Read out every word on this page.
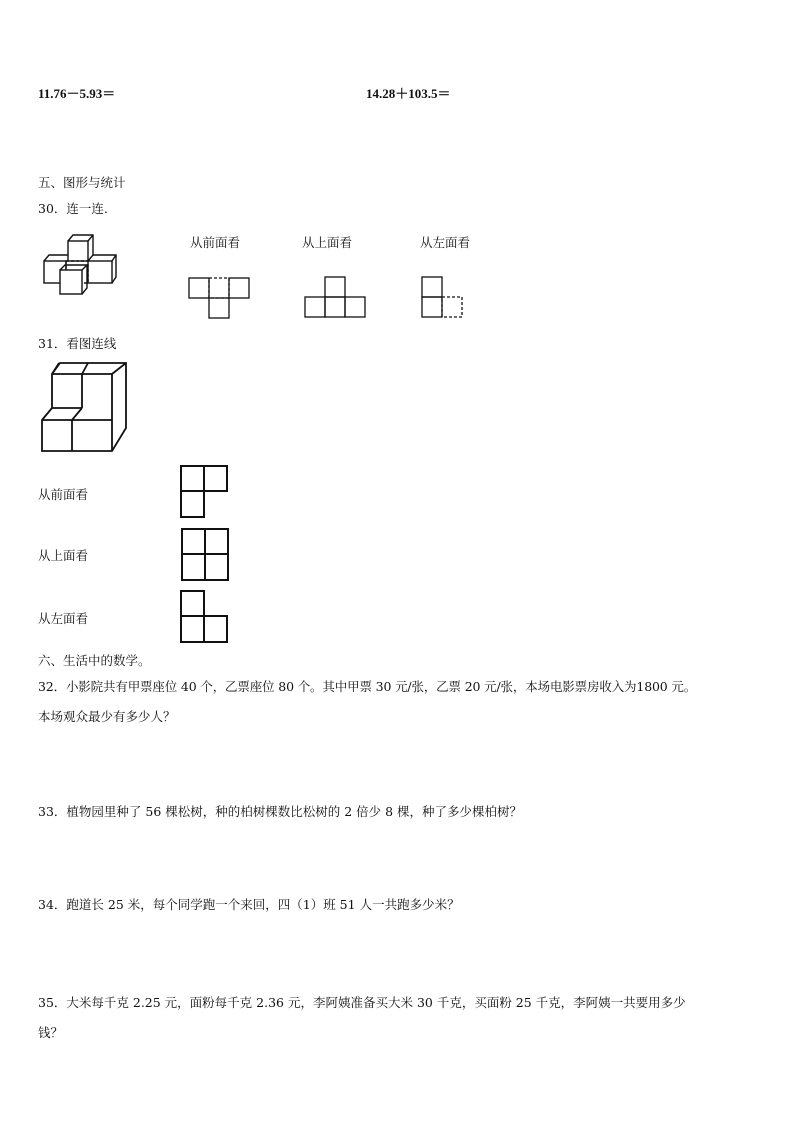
11.76－5.93＝	14.28＋103.5＝
五、图形与统计
30．连一连.
从前面看	从上面看	从左面看
31．看图连线
从前面看
从上面看
从左面看
六、生活中的数学。
32．小影院共有甲票座位 40 个，乙票座位 80 个。其中甲票 30 元/张，乙票 20 元/张，本场电影票房收入为1800 元。
本场观众最少有多少人？
33．植物园里种了 56 棵松树，种的柏树棵数比松树的 2 倍少 8 棵，种了多少棵柏树？
34．跑道长 25 米，每个同学跑一个来回，四（1）班 51 人一共跑多少米？
35．大米每千克 2.25 元，面粉每千克 2.36 元，李阿姨准备买大米 30 千克，买面粉 25 千克，李阿姨一共要用多少
钱？
